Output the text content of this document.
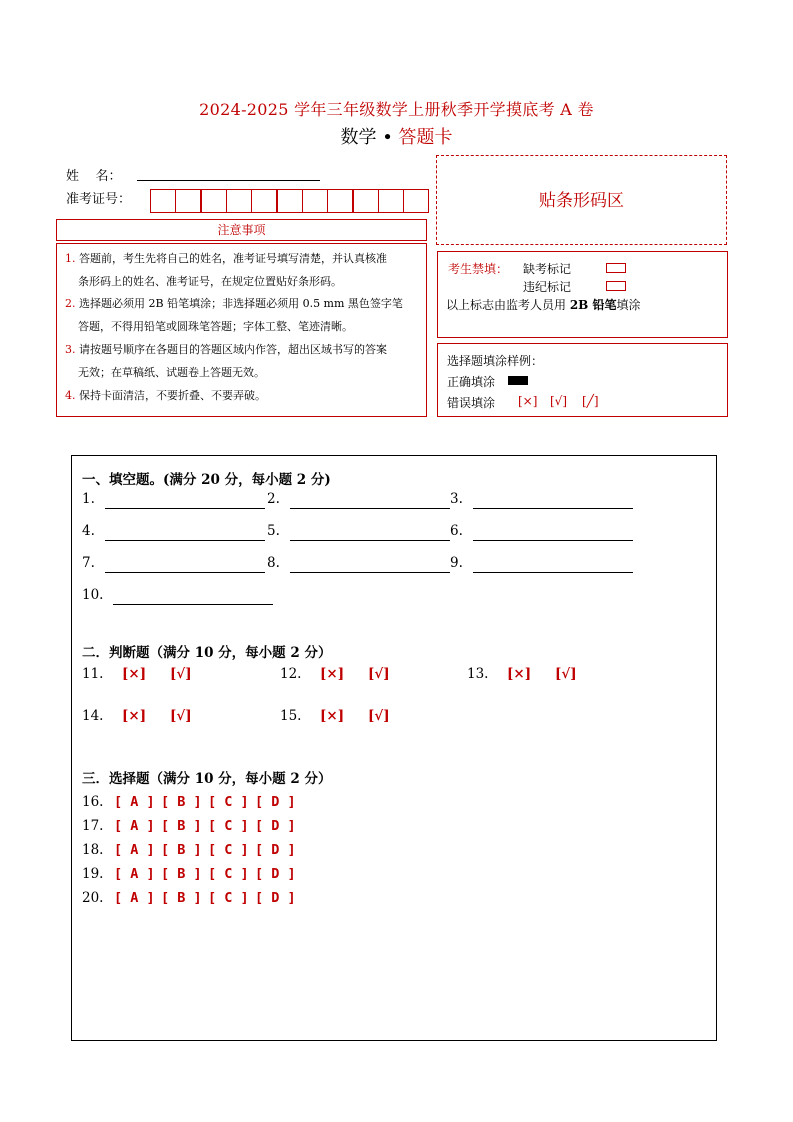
2024-2025 学年三年级数学上册秋季开学摸底考 A 卷
数学 • 答题卡
姓    名：
准考证号：	贴条形码区
注意事项
1. 答题前，考生先将自己的姓名，准考证号填写清楚，并认真核准
条形码上的姓名、准考证号，在规定位置贴好条形码。
2. 选择题必须用 2B 铅笔填涂；非选择题必须用 0.5 mm 黑色签字笔
答题，不得用铅笔或圆珠笔答题；字体工整、笔迹清晰。
3. 请按题号顺序在各题目的答题区域内作答，超出区域书写的答案
无效；在草稿纸、试题卷上答题无效。
4. 保持卡面清洁，不要折叠、不要弄破。
考生禁填： 缺考标记
违纪标记
以上标志由监考人员用 2B 铅笔填涂
选择题填涂样例：
正确填涂
错误填涂 [×] [√] [╱]
一、填空题。(满分 20 分，每小题 2 分)
二．判断题（满分 10 分，每小题 2 分）
三．选择题（满分 10 分，每小题 2 分）
1.	2.	3.
4.	5.	6.
7.	8.	9.
10.
11. [×] [√]	12. [×] [√]	13. [×] [√]
14. [×] [√]	15. [×] [√]
16. [ A ] [ B ] [ C ] [ D ]
17. [ A ] [ B ] [ C ] [ D ]
18. [ A ] [ B ] [ C ] [ D ]
19. [ A ] [ B ] [ C ] [ D ]
20. [ A ] [ B ] [ C ] [ D ]
